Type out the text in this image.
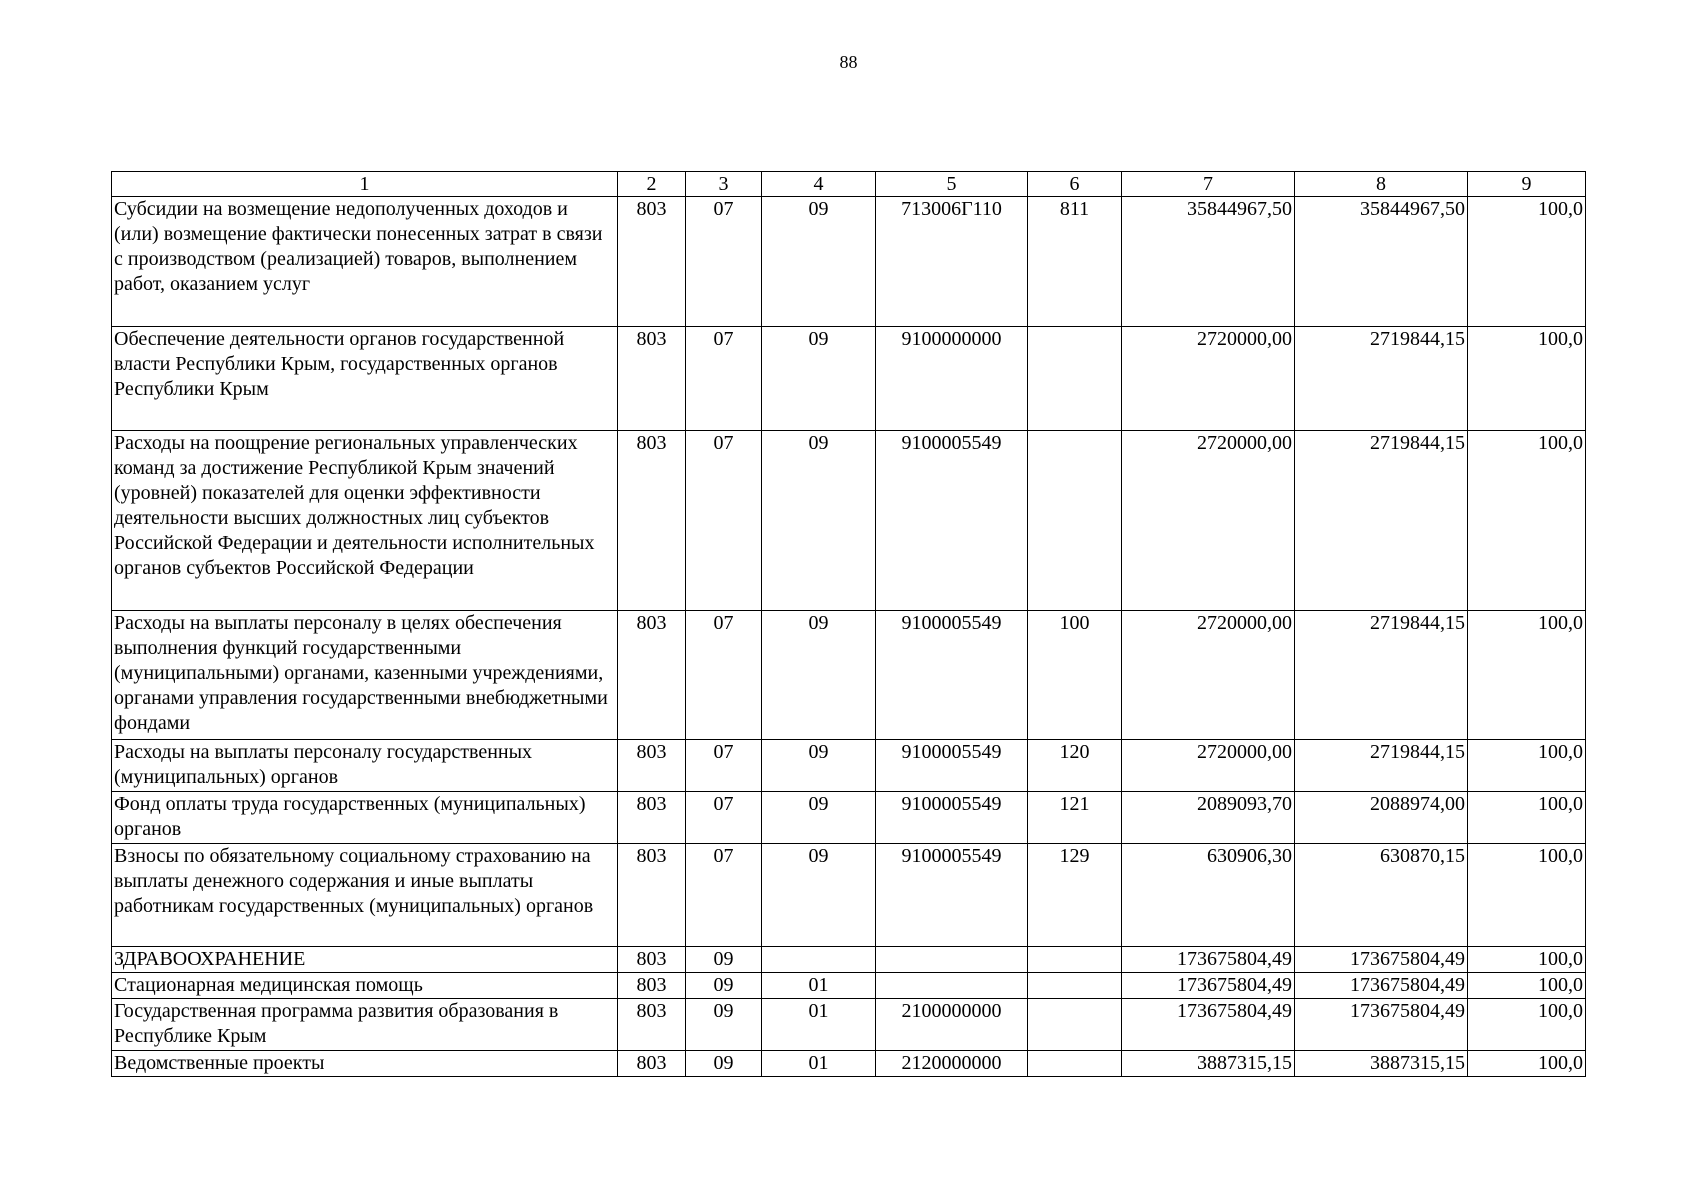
88
1	2	3	4	5	6	7	8	9
Субсидии на возмещение недополученных доходов и (или) возмещение фактически понесенных затрат в связи с производством (реализацией) товаров, выполнением работ, оказанием услуг	803	07	09	713006Г110	811	35844967,50	35844967,50	100,0
Обеспечение деятельности органов государственной власти Республики Крым, государственных органов Республики Крым	803	07	09	9100000000		2720000,00	2719844,15	100,0
Расходы на поощрение региональных управленческих команд за достижение Республикой Крым значений (уровней) показателей для оценки эффективности деятельности высших должностных лиц субъектов Российской Федерации и деятельности исполнительных органов субъектов Российской Федерации	803	07	09	9100005549		2720000,00	2719844,15	100,0
Расходы на выплаты персоналу в целях обеспечения выполнения функций государственными (муниципальными) органами, казенными учреждениями, органами управления государственными внебюджетными фондами	803	07	09	9100005549	100	2720000,00	2719844,15	100,0
Расходы на выплаты персоналу государственных (муниципальных) органов	803	07	09	9100005549	120	2720000,00	2719844,15	100,0
Фонд оплаты труда государственных (муниципальных) органов	803	07	09	9100005549	121	2089093,70	2088974,00	100,0
Взносы по обязательному социальному страхованию на выплаты денежного содержания и иные выплаты работникам государственных (муниципальных) органов	803	07	09	9100005549	129	630906,30	630870,15	100,0
ЗДРАВООХРАНЕНИЕ	803	09				173675804,49	173675804,49	100,0
Стационарная медицинская помощь	803	09	01			173675804,49	173675804,49	100,0
Государственная программа развития образования в Республике Крым	803	09	01	2100000000		173675804,49	173675804,49	100,0
Ведомственные проекты	803	09	01	2120000000		3887315,15	3887315,15	100,0
